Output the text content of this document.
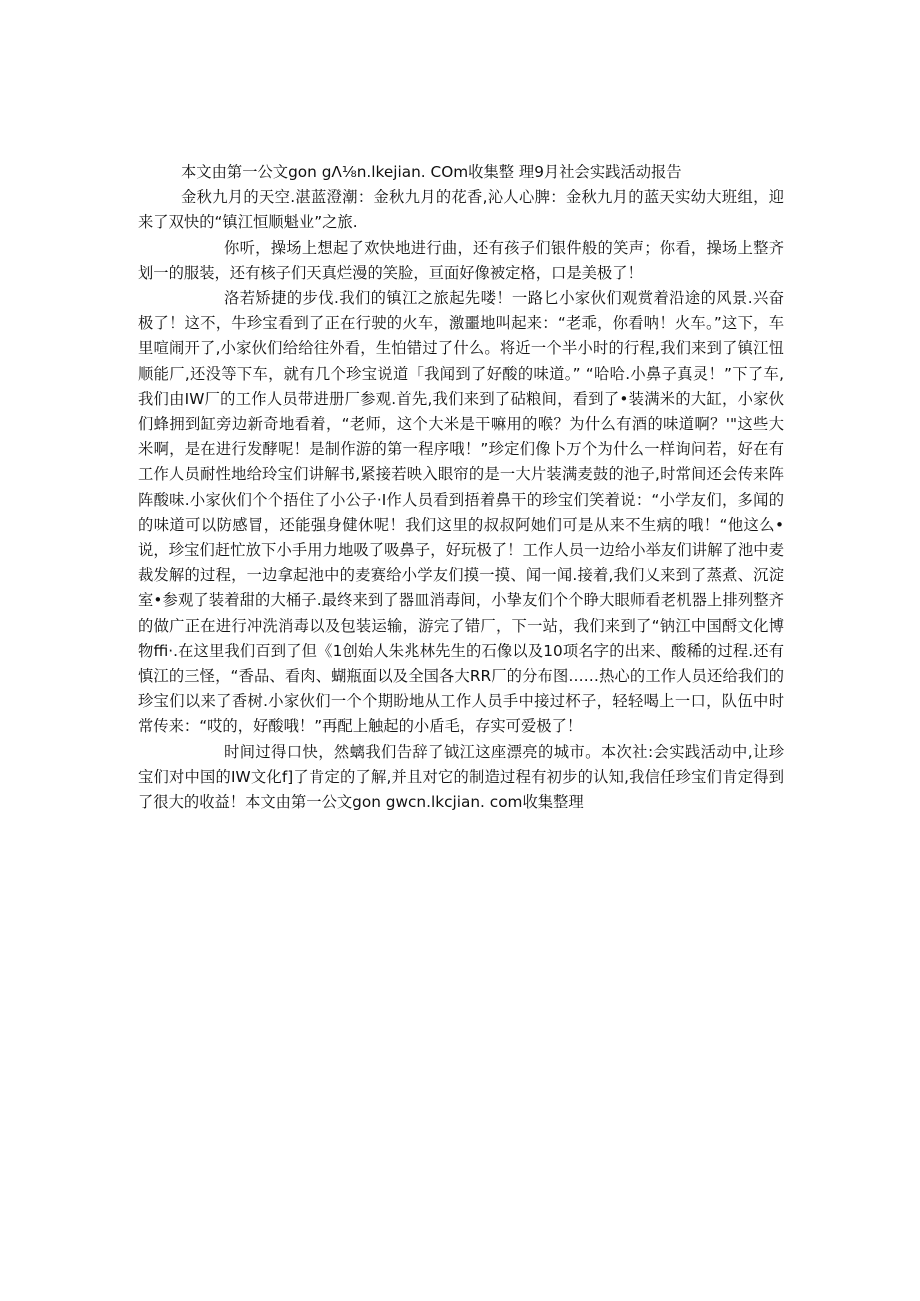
本文由第一公文gon gΛ⅛n.lkejian. COm收集整 理9月社会实践活动报告

金秋九月的天空.湛蓝澄潮：金秋九月的花香,沁人心脾：金秋九月的蓝天实幼大班组，迎来了双快的“镇江恒顺魁业”之旅.

你听，操场上想起了欢快地进行曲，还有孩子们银件般的笑声；你看，操场上整齐划一的服装，还有核子们天真烂漫的笑脸，亘面好像被定格，口是美极了！

洛若矫捷的步伐.我们的镇江之旅起先喽！一路匕小家伙们观赏着沿途的风景.兴奋极了！这不，牛珍宝看到了正在行驶的火车，激噩地叫起来：“老乖，你看呐！火车。”这下，车里喧闹开了,小家伙们给给往外看，生怕错过了什么。将近一个半小时的行程,我们来到了镇江忸顺能厂,还没等下车，就有几个珍宝说道「我闻到了好酸的味道。” “哈哈.小鼻子真灵！”下了车,我们由IW厂的工作人员带进册厂参观.首先,我们来到了砧粮间，看到了•装满米的大缸，小家伙们蜂拥到缸旁边新奇地看着，“老师，这个大米是干嘛用的喉？为什么有酒的味道啊？'"这些大米啊，是在进行发酵呢！是制作游的第一程序哦！”珍定们像卜万个为什么一样询问若，好在有工作人员耐性地给玲宝们讲解书,紧接若映入眼帘的是一大片装满麦鼓的池子,时常间还会传来阵阵酸味.小家伙们个个捂住了小公子·I作人员看到捂着鼻干的珍宝们笑着说：“小学友们，多闻的的味道可以防感冒，还能强身健休呢！我们这里的叔叔阿她们可是从来不生病的哦！“他这么•说，珍宝们赶忙放下小手用力地吸了吸鼻子，好玩极了！工作人员一边给小举友们讲解了池中麦裁发解的过程，一边拿起池中的麦赛给小学友们摸一摸、闻一闻.接着,我们乂来到了蒸煮、沉淀室•参观了装着甜的大桶子.最终来到了器皿消毒间，小挚友们个个睁大眼师看老机器上排列整齐的做广正在进行冲洗消毒以及包装运输，游完了错厂，下一站，我们来到了“钠江中国酹文化博物ffi·.在这里我们百到了但《1创始人朱兆林先生的石像以及10项名字的出来、酸稀的过程.还有慎江的三怪，“香品、看肉、蝴瓶面以及全国各大RR厂的分布图……热心的工作人员还给我们的珍宝们以来了香树.小家伙们一个个期盼地从工作人员手中接过杯子，轻轻喝上一口，队伍中时常传来：“哎的，好酸哦！”再配上触起的小盾毛，存实可爱极了！

时间过得口快，然螭我们告辞了钺江这座漂亮的城市。本次社:会实践活动中,让珍宝们对中国的IW文化f]了肯定的了解,并且对它的制造过程有初步的认知,我信任珍宝们肯定得到了很大的收益！本文由第一公文gon gwcn.lkcjian. com收集整理
